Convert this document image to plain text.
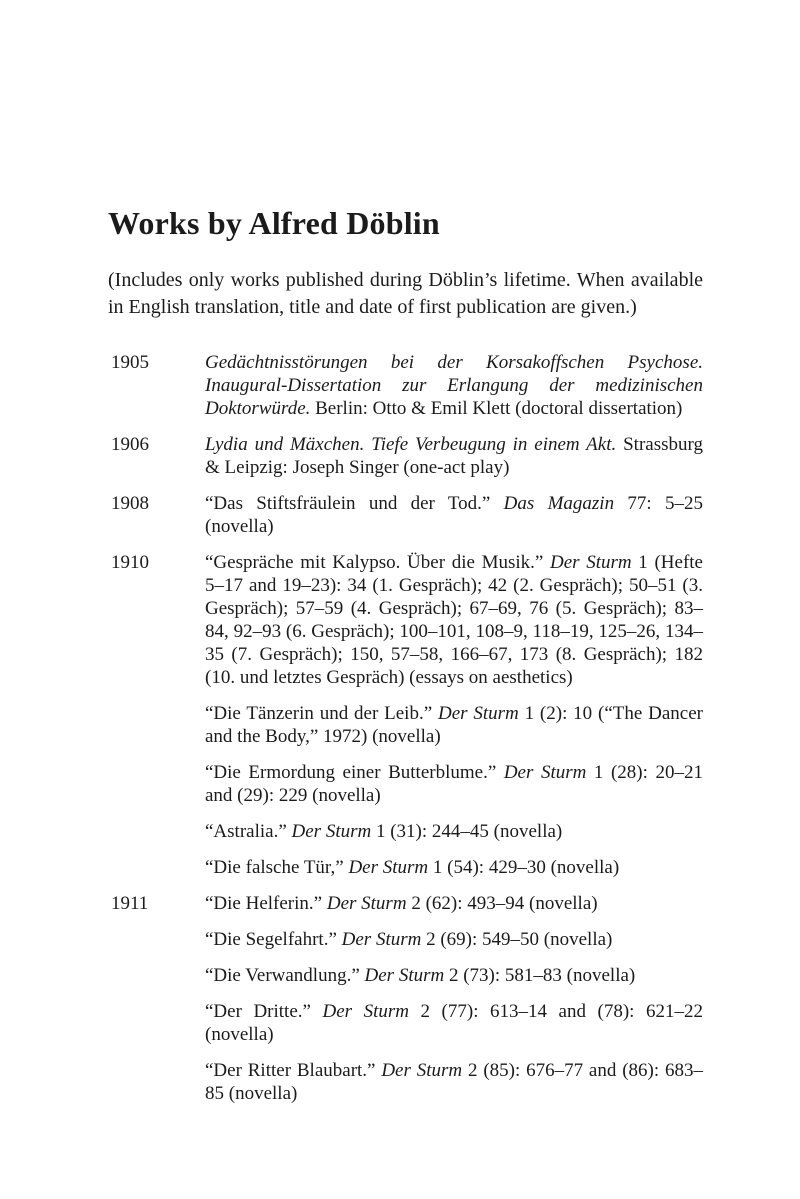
Works by Alfred Döblin

(Includes only works published during Döblin’s lifetime. When available in English translation, title and date of first publication are given.)

1905	Gedächtnisstörungen bei der Korsakoffschen Psychose. Inaugural-Dissertation zur Erlangung der medizinischen Doktorwürde. Berlin: Otto & Emil Klett (doctoral dissertation)
1906	Lydia und Mäxchen. Tiefe Verbeugung in einem Akt. Strassburg & Leipzig: Joseph Singer (one-act play)
1908	“Das Stiftsfräulein und der Tod.” Das Magazin 77: 5–25 (novella)
1910	“Gespräche mit Kalypso. Über die Musik.” Der Sturm 1 (Hefte 5–17 and 19–23): 34 (1. Gespräch); 42 (2. Gespräch); 50–51 (3. Gespräch); 57–59 (4. Gespräch); 67–69, 76 (5. Gespräch); 83–84, 92–93 (6. Gespräch); 100–101, 108–9, 118–19, 125–26, 134–35 (7. Gespräch); 150, 57–58, 166–67, 173 (8. Gespräch); 182 (10. und letztes Gespräch) (essays on aesthetics)
“Die Tänzerin und der Leib.” Der Sturm 1 (2): 10 (“The Dancer and the Body,” 1972) (novella)
“Die Ermordung einer Butterblume.” Der Sturm 1 (28): 20–21 and (29): 229 (novella)
“Astralia.” Der Sturm 1 (31): 244–45 (novella)
“Die falsche Tür,” Der Sturm 1 (54): 429–30 (novella)
1911	“Die Helferin.” Der Sturm 2 (62): 493–94 (novella)
“Die Segelfahrt.” Der Sturm 2 (69): 549–50 (novella)
“Die Verwandlung.” Der Sturm 2 (73): 581–83 (novella)
“Der Dritte.” Der Sturm 2 (77): 613–14 and (78): 621–22 (novella)
“Der Ritter Blaubart.” Der Sturm 2 (85): 676–77 and (86): 683–85 (novella)
